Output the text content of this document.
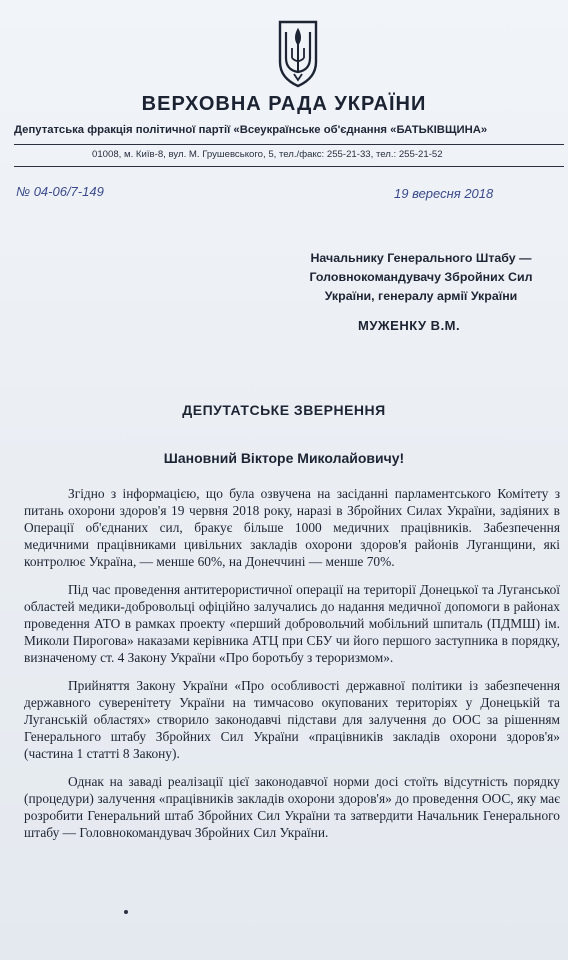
ВЕРХОВНА РАДА УКРАЇНИ
Депутатська фракція політичної партії «Всеукраїнське об'єднання «БАТЬКІВЩИНА»
01008, м. Київ-8, вул. М. Грушевського, 5, тел./факс: 255-21-33, тел.: 255-21-52
№ 04-06/7-149	19 вересня 2018
Начальнику Генерального Штабу —
Головнокомандувачу Збройних Сил
України, генералу армії України
МУЖЕНКУ В.М.
ДЕПУТАТСЬКЕ ЗВЕРНЕННЯ
Шановний Вікторе Миколайовичу!

Згідно з інформацією, що була озвучена на засіданні парламентського Комітету з питань охорони здоров'я 19 червня 2018 року, наразі в Збройних Силах України, задіяних в Операції об'єднаних сил, бракує більше 1000 медичних працівників. Забезпечення медичними працівниками цивільних закладів охорони здоров'я районів Луганщини, які контролює Україна, — менше 60%, на Донеччині — менше 70%.

Під час проведення антитерористичної операції на території Донецької та Луганської областей медики-добровольці офіційно залучались до надання медичної допомоги в районах проведення АТО в рамках проекту «перший добровольчий мобільний шпиталь (ПДМШ) ім. Миколи Пирогова» наказами керівника АТЦ при СБУ чи його першого заступника в порядку, визначеному ст. 4 Закону України «Про боротьбу з тероризмом».

Прийняття Закону України «Про особливості державної політики із забезпечення державного суверенітету України на тимчасово окупованих територіях у Донецькій та Луганській областях» створило законодавчі підстави для залучення до ООС за рішенням Генерального штабу Збройних Сил України «працівників закладів охорони здоров'я» (частина 1 статті 8 Закону).

Однак на заваді реалізації цієї законодавчої норми досі стоїть відсутність порядку (процедури) залучення «працівників закладів охорони здоров'я» до проведення ООС, яку має розробити Генеральний штаб Збройних Сил України та затвердити Начальник Генерального штабу — Головнокомандувач Збройних Сил України.
